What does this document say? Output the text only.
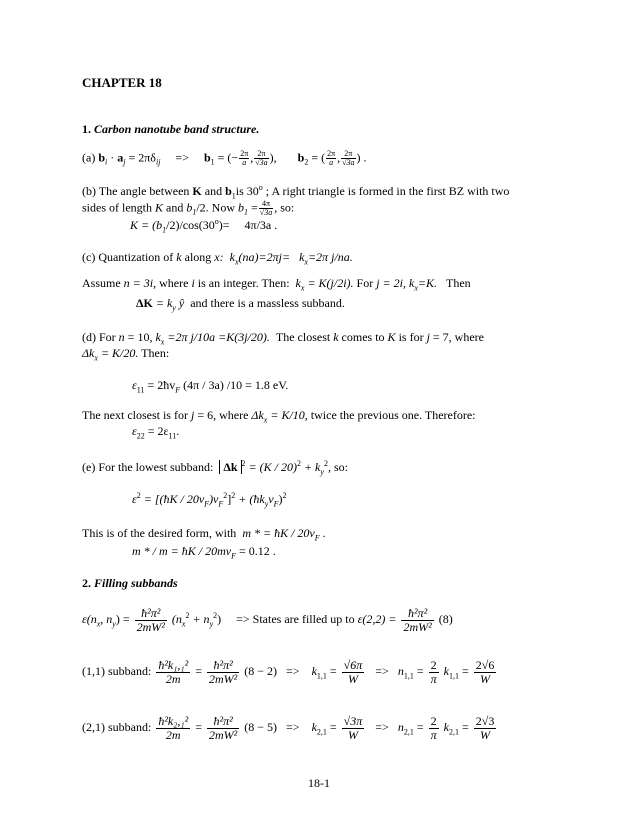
CHAPTER 18
1. Carbon nanotube band structure.
(a) $b_i \cdot a_j = 2\pi\delta_{ij} => b_1$ = (− $\frac{2\pi}{a}$ , $\frac{2\pi}{√3a}$ ), $b_2$ = ( $\frac{2\pi}{a}$ , $\frac{2\pi}{√3a}$ ) .
(b) The angle between K and $b_1is$ 30$^o$ ; A right triangle is formed in the first BZ with two
sides of length K and $b_1/2$. Now $b_1 = \frac{4\pi}{√3a}$ , so:
$K = (b_1/2)/\cos(30^o)= 4\pi/3a$ .
(c) Quantization of k along x: $k_x(na)=2\pi j= k_x=2\pi$ j/na.
Assume n = 3i, where i is an integer. Then: $k_x = K(j/2i)$. For j = 2i, $k_x=K$. Then
$\Delta K = k_y$ ŷ and there is a massless subband.
(d) For n = 10, $k_x =2\pi$ j/10a =K(3j/20). The closest k comes to K is for j = 7, where
$\Delta k_x = K/20$. Then:
$\varepsilon_{11}$ = $2ħv_F$ (4π / 3a) /10 = 1.8 eV.
The next closest is for j = 6, where $\Delta k_x = K/10$, twice the previous one. Therefore:
$\varepsilon_{22} = 2\varepsilon_{11}$.
(e) For the lowest subband: Δk $^2 = (K / 20)^2 + k_y^2$, so:
$\varepsilon^2$ = [(ħK / $20v_F)v_F^2]^2$ + $(ħk_yv_F)^2$
This is of the desired form, with m * = ħK / $20v_F$ .
m * / m = ħK / $20mv_F = 0.12$ .
2. Filling subbands
$\varepsilon(n_x$, $n_y) = \frac{\text{ħ²π²}}{\text{2mW²}} (n_x^2 + n_y^2)$ => States are filled up to $\varepsilon(2,2) = \frac{\text{ħ²π²}}{\text{2mW²}} (8)$
(1,1) subband: $\frac{\text{ħ²k₁,₁²}}{2m} = \frac{\text{ħ²π²}}{\text{2mW²}} (8 - 2) => k_{1,1} = \frac{√6\pi}{W} => n_{1,1} = \frac{2}{\pi} k_{1,1} = \frac{2√6}{W}$
(2,1) subband: $\frac{\text{ħ²k₂,₁²}}{2m} = \frac{\text{ħ²π²}}{\text{2mW²}} (8 - 5) => k_{2,1} = \frac{√3\pi}{W} => n_{2,1} = \frac{2}{\pi} k_{2,1} = \frac{2√3}{W}$
18-1
